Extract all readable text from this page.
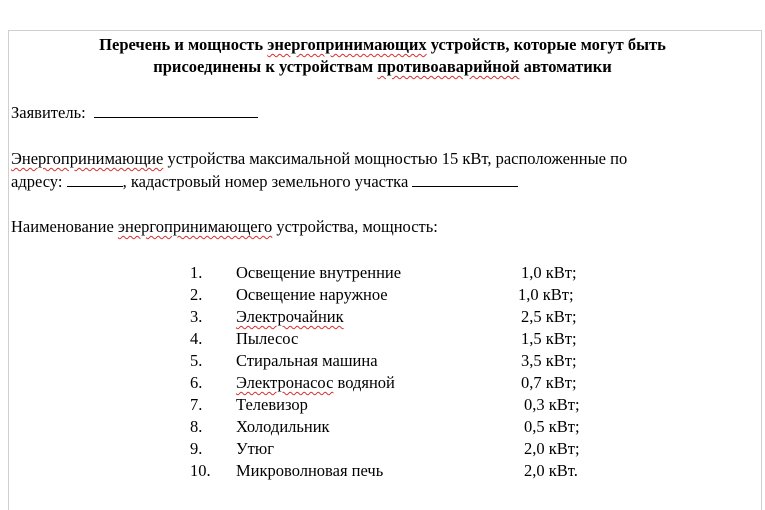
Перечень и мощность энергопринимающих устройств, которые могут быть
присоединены к устройствам противоаварийной автоматики
Заявитель:
Энергопринимающие устройства максимальной мощностью 15 кВт, расположенные по
адресу:	, кадастровый номер земельного участка
Наименование энергопринимающего устройства, мощность:
1. Освещение внутренние	1,0 кВт;
2. Освещение наружное	1,0 кВт;
3. Электрочайник	2,5 кВт;
4. Пылесос	1,5 кВт;
5. Стиральная машина	3,5 кВт;
6. Электронасос водяной	0,7 кВт;
7. Телевизор	0,3 кВт;
8. Холодильник	0,5 кВт;
9. Утюг	2,0 кВт;
10. Микроволновая печь	2,0 кВт.
